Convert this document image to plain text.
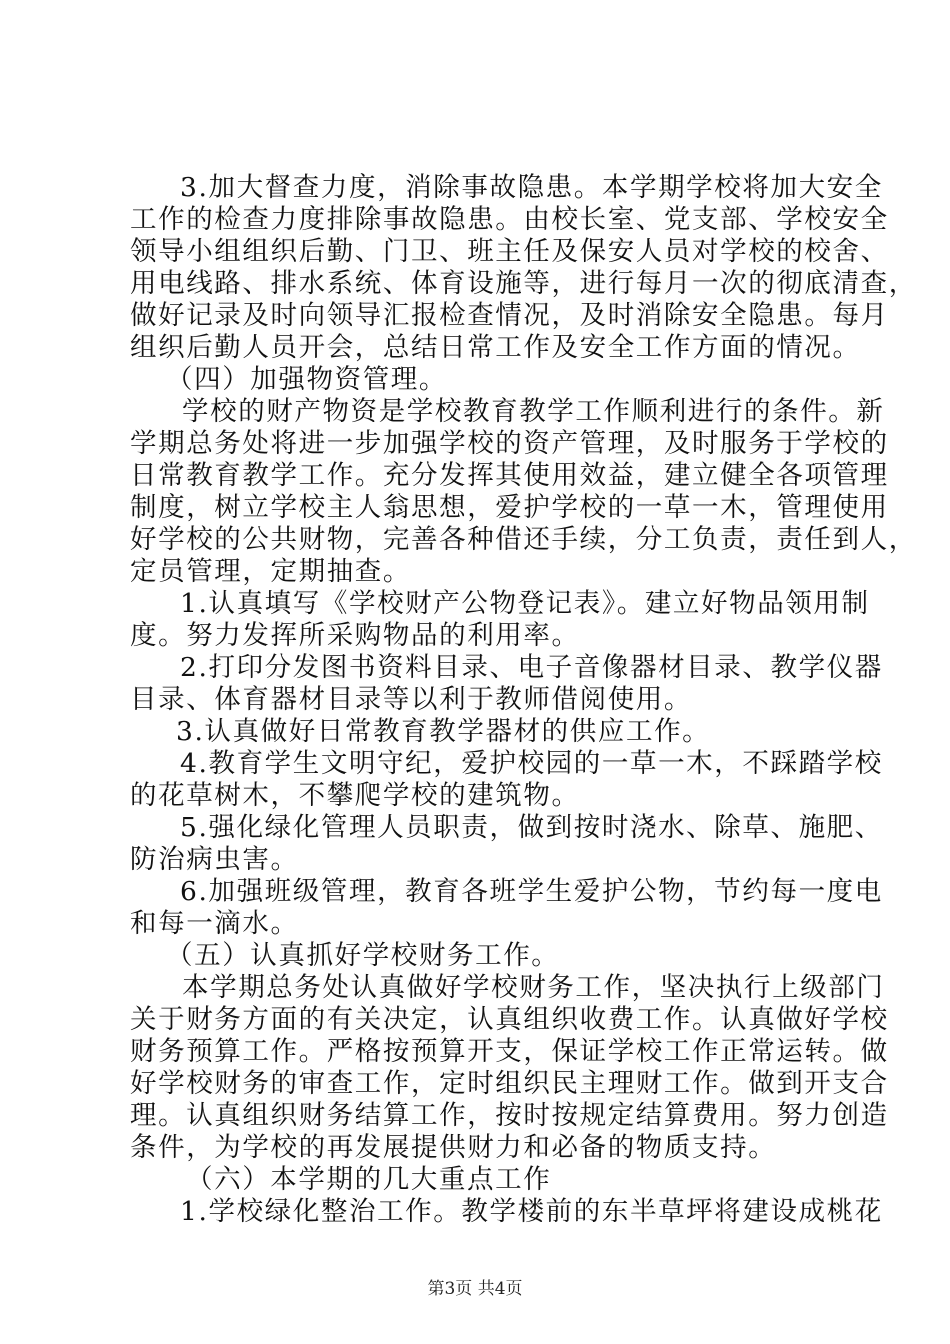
3.加大督查力度，消除事故隐患。本学期学校将加大安全
工作的检查力度排除事故隐患。由校长室、党支部、学校安全
领导小组组织后勤、门卫、班主任及保安人员对学校的校舍、
用电线路、排水系统、体育设施等，进行每月一次的彻底清查，
做好记录及时向领导汇报检查情况，及时消除安全隐患。每月
组织后勤人员开会，总结日常工作及安全工作方面的情况。
（四）加强物资管理。
学校的财产物资是学校教育教学工作顺利进行的条件。新
学期总务处将进一步加强学校的资产管理，及时服务于学校的
日常教育教学工作。充分发挥其使用效益，建立健全各项管理
制度，树立学校主人翁思想，爱护学校的一草一木，管理使用
好学校的公共财物，完善各种借还手续，分工负责，责任到人，
定员管理，定期抽查。
1.认真填写《学校财产公物登记表》。建立好物品领用制
度。努力发挥所采购物品的利用率。
2.打印分发图书资料目录、电子音像器材目录、教学仪器
目录、体育器材目录等以利于教师借阅使用。
3.认真做好日常教育教学器材的供应工作。
4.教育学生文明守纪，爱护校园的一草一木，不踩踏学校
的花草树木，不攀爬学校的建筑物。
5.强化绿化管理人员职责，做到按时浇水、除草、施肥、
防治病虫害。
6.加强班级管理，教育各班学生爱护公物，节约每一度电
和每一滴水。
（五）认真抓好学校财务工作。
本学期总务处认真做好学校财务工作，坚决执行上级部门
关于财务方面的有关决定，认真组织收费工作。认真做好学校
财务预算工作。严格按预算开支，保证学校工作正常运转。做
好学校财务的审查工作，定时组织民主理财工作。做到开支合
理。认真组织财务结算工作，按时按规定结算费用。努力创造
条件，为学校的再发展提供财力和必备的物质支持。
（六）本学期的几大重点工作
1.学校绿化整治工作。教学楼前的东半草坪将建设成桃花
第3页 共4页
